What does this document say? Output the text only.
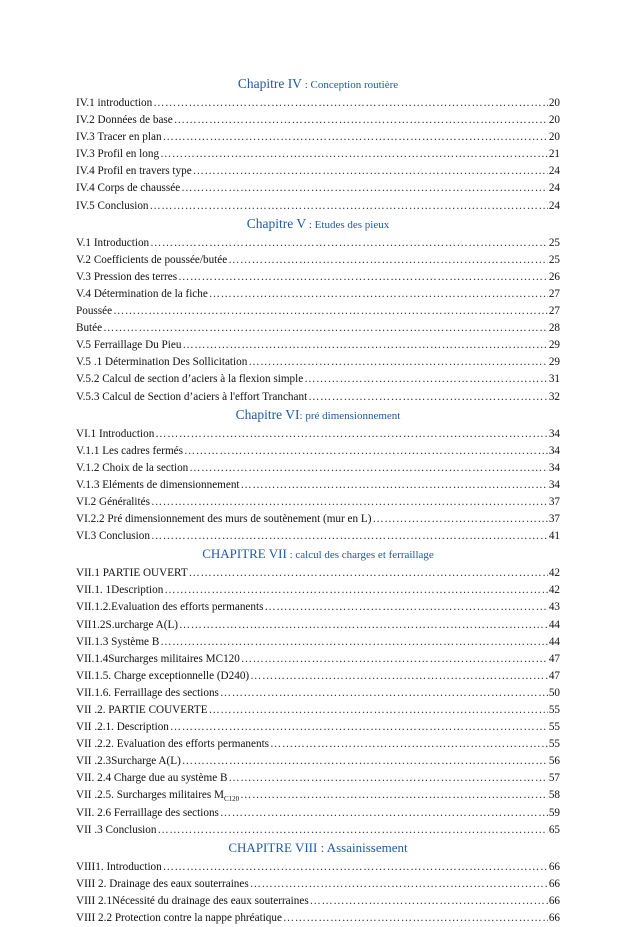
Chapitre IV : Conception routière
IV.1 introduction ……………………………………………………………………………………………………………………………………………………………………………	20
IV.2 Données de base ……………………………………………………………………………………………………………………………………………………………………………	20
IV.3 Tracer en plan ……………………………………………………………………………………………………………………………………………………………………………	20
IV.3 Profil en long ……………………………………………………………………………………………………………………………………………………………………………	21
IV.4 Profil en travers type ……………………………………………………………………………………………………………………………………………………………………………	24
IV.4 Corps de chaussée ……………………………………………………………………………………………………………………………………………………………………………	24
IV.5 Conclusion ……………………………………………………………………………………………………………………………………………………………………………	24
Chapitre V : Etudes des pieux
V.1 Introduction ……………………………………………………………………………………………………………………………………………………………………………	25
V.2 Coefficients de poussée/butée ……………………………………………………………………………………………………………………………………………………………………………	25
V.3 Pression des terres ……………………………………………………………………………………………………………………………………………………………………………	26
V.4 Détermination de la fiche ……………………………………………………………………………………………………………………………………………………………………………	27
Poussée ……………………………………………………………………………………………………………………………………………………………………………	27
Butée ……………………………………………………………………………………………………………………………………………………………………………	28
V.5 Ferraillage Du Pieu ……………………………………………………………………………………………………………………………………………………………………………	29
V.5 .1 Détermination Des Sollicitation ……………………………………………………………………………………………………………………………………………………………………………	29
V.5.2 Calcul de section d’aciers à la flexion simple ……………………………………………………………………………………………………………………………………………………………………………	31
V.5.3 Calcul de Section d’aciers à l'effort Tranchant ……………………………………………………………………………………………………………………………………………………………………………	32
Chapitre VI: pré dimensionnement
VI.1 Introduction ……………………………………………………………………………………………………………………………………………………………………………	34
V.1.1 Les cadres fermés ……………………………………………………………………………………………………………………………………………………………………………	34
V.1.2 Choix de la section ……………………………………………………………………………………………………………………………………………………………………………	34
V.1.3 Eléments de dimensionnement ……………………………………………………………………………………………………………………………………………………………………………	34
VI.2 Généralités ……………………………………………………………………………………………………………………………………………………………………………	37
VI.2.2 Pré dimensionnement des murs de soutènement (mur en L) ……………………………………………………………………………………………………………………………………………………………………………	37
VI.3 Conclusion ……………………………………………………………………………………………………………………………………………………………………………	41
CHAPITRE VII : calcul des charges et ferraillage
VII.1 PARTIE OUVERT ……………………………………………………………………………………………………………………………………………………………………………	42
VII.1. 1Description ……………………………………………………………………………………………………………………………………………………………………………	42
VII.1.2.Evaluation des efforts permanents ……………………………………………………………………………………………………………………………………………………………………………	43
VII1.2S.urcharge A(L) ……………………………………………………………………………………………………………………………………………………………………………	44
VII.1.3 Système B ……………………………………………………………………………………………………………………………………………………………………………	44
VII.1.4Surcharges militaires MC120 ……………………………………………………………………………………………………………………………………………………………………………	47
VII.1.5. Charge exceptionnelle (D240) ……………………………………………………………………………………………………………………………………………………………………………	47
VII.1.6. Ferraillage des sections ……………………………………………………………………………………………………………………………………………………………………………	50
VII .2. PARTIE COUVERTE ……………………………………………………………………………………………………………………………………………………………………………	55
VII .2.1. Description ……………………………………………………………………………………………………………………………………………………………………………	55
VII .2.2. Evaluation des efforts permanents ……………………………………………………………………………………………………………………………………………………………………………	55
VII .2.3Surcharge A(L) ……………………………………………………………………………………………………………………………………………………………………………	56
VII. 2.4 Charge due au système B ……………………………………………………………………………………………………………………………………………………………………………	57
VII .2.5. Surcharges militaires $M_{C120}$ ……………………………………………………………………………………………………………………………………………………………………………	58
VII. 2.6 Ferraillage des sections ……………………………………………………………………………………………………………………………………………………………………………	59
VII .3 Conclusion ……………………………………………………………………………………………………………………………………………………………………………	65
CHAPITRE VIII : Assainissement
VIII1. Introduction ……………………………………………………………………………………………………………………………………………………………………………	66
VIII 2. Drainage des eaux souterraines ……………………………………………………………………………………………………………………………………………………………………………	66
VIII 2.1Nécessité du drainage des eaux souterraines ……………………………………………………………………………………………………………………………………………………………………………	66
VIII 2.2 Protection contre la nappe phréatique ……………………………………………………………………………………………………………………………………………………………………………	66
